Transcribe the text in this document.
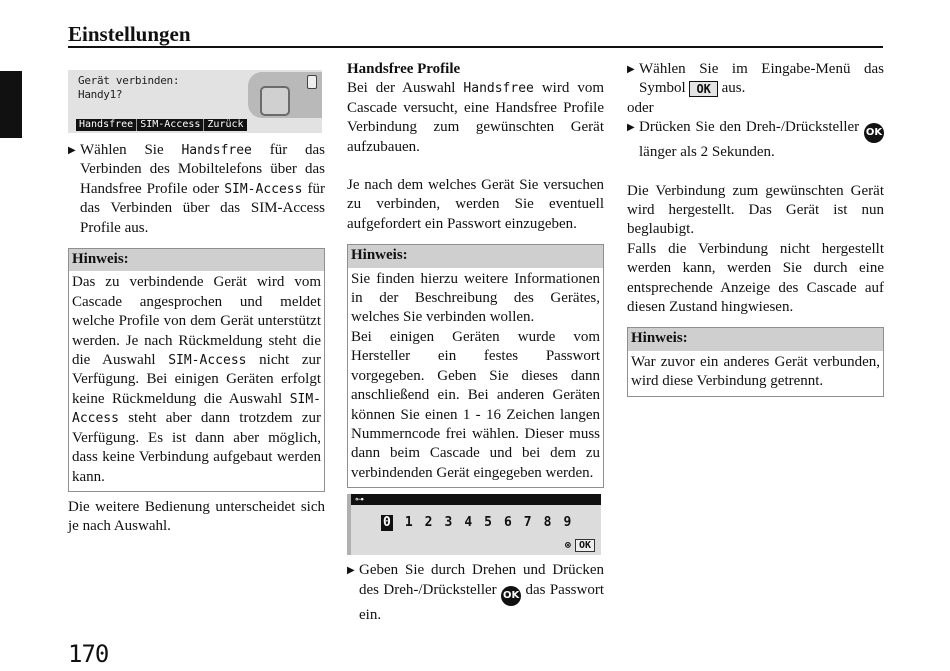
Einstellungen
Gerät verbinden:
Handy1?
Handsfree SIM-Access Zurück
▶ Wählen Sie Handsfree für das Verbinden des Mobiltelefons über das Handsfree Profile oder SIM-Access für das Verbinden über das SIM-Access Profile aus.
Hinweis:
Das zu verbindende Gerät wird vom Cascade angesprochen und meldet welche Profile von dem Gerät unterstützt werden. Je nach Rückmeldung steht die die Auswahl SIM-Access nicht zur Verfügung. Bei einigen Geräten erfolgt keine Rückmeldung die Auswahl SIM-Access steht aber dann trotzdem zur Verfügung. Es ist dann aber möglich, dass keine Verbindung aufgebaut werden kann.

Die weitere Bedienung unterscheidet sich je nach Auswahl.

Handsfree Profile

Bei der Auswahl Handsfree wird vom Cascade versucht, eine Handsfree Profile Verbindung zum gewünschten Gerät aufzubauen.

Je nach dem welches Gerät Sie versuchen zu verbinden, werden Sie eventuell aufgefordert ein Passwort einzugeben.

Hinweis:

Sie finden hierzu weitere Informationen in der Beschreibung des Gerätes, welches Sie verbinden wollen.

Bei einigen Geräten wurde vom Hersteller ein festes Passwort vorgegeben. Geben Sie dieses dann anschließend ein. Bei anderen Geräten können Sie einen 1 - 16 Zeichen langen Nummerncode frei wählen. Dieser muss dann beim Cascade und bei dem zu verbindenden Gerät eingegeben werden.

⊶
0 1 2 3 4 5 6 7 8 9
⊗ OK
▶ Geben Sie durch Drehen und Drücken des Dreh-/Drücksteller OK das Passwort ein.
▶ Wählen Sie im Eingabe-Menü das Symbol OK aus.

oder

▶ Drücken Sie den Dreh-/Drücksteller OK länger als 2 Sekunden.

Die Verbindung zum gewünschten Gerät wird hergestellt. Das Gerät ist nun beglaubigt.

Falls die Verbindung nicht hergestellt werden kann, werden Sie durch eine entsprechende Anzeige des Cascade auf diesen Zustand hingwiesen.

Hinweis:
War zuvor ein anderes Gerät verbunden, wird diese Verbindung getrennt.
170
